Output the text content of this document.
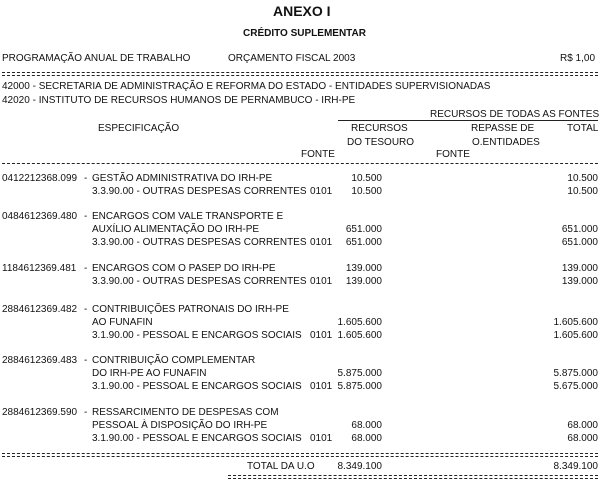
ANEXO I
CRÉDITO SUPLEMENTAR
PROGRAMAÇÃO ANUAL DE TRABALHO	ORÇAMENTO FISCAL 2003	R$ 1,00
42000 - SECRETARIA DE ADMINISTRAÇÃO E REFORMA DO ESTADO - ENTIDADES SUPERVISIONADAS
42020 - INSTITUTO DE RECURSOS HUMANOS DE PERNAMBUCO - IRH-PE
RECURSOS DE TODAS AS FONTES
ESPECIFICAÇÃO	RECURSOS
DO TESOURO
REPASSE DE
O.ENTIDADES
TOTAL
FONTE	FONTE
0412212368.099 - GESTÃO ADMINISTRATIVA DO IRH-PE	10.500	10.500
3.3.90.00 - OUTRAS DESPESAS CORRENTES 0101 10.500	10.500
0484612369.480 - ENCARGOS COM VALE TRANSPORTE E
AUXÍLIO ALIMENTAÇÃO DO IRH-PE	651.000	651.000
3.3.90.00 - OUTRAS DESPESAS CORRENTES 0101 651.000	651.000
1184612369.481 - ENCARGOS COM O PASEP DO IRH-PE	139.000	139.000
3.3.90.00 - OUTRAS DESPESAS CORRENTES 0101 139.000	139.000
2884612369.482 - CONTRIBUIÇÕES PATRONAIS DO IRH-PE
AO FUNAFIN	1.605.600	1.605.600
3.1.90.00 - PESSOAL E ENCARGOS SOCIAIS 0101 1.605.600	1.605.600
2884612369.483 - CONTRIBUIÇÃO COMPLEMENTAR
DO IRH-PE AO FUNAFIN	5.875.000	5.875.000
3.1.90.00 - PESSOAL E ENCARGOS SOCIAIS 0101 5.875.000	5.675.000
2884612369.590 - RESSARCIMENTO DE DESPESAS COM
PESSOAL À DISPOSIÇÃO DO IRH-PE	68.000	68.000
3.1.90.00 - PESSOAL E ENCARGOS SOCIAIS 0101 68.000	68.000
TOTAL DA U.O 8.349.100	8.349.100
